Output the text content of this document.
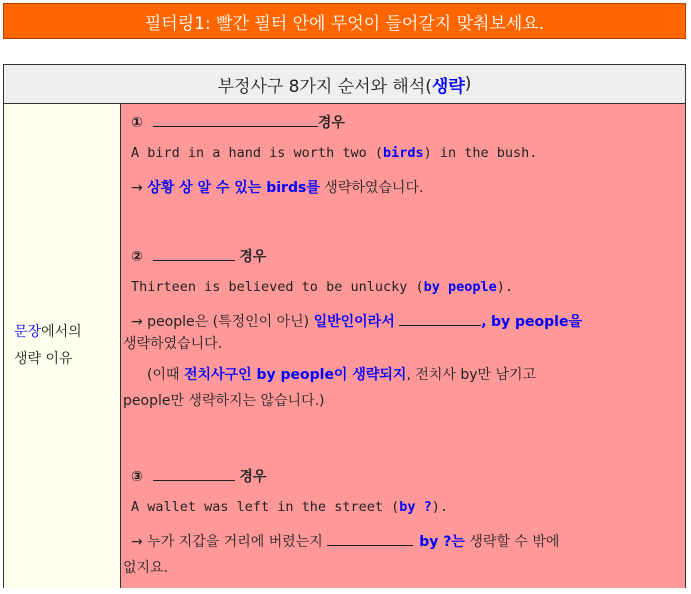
필터링1: 빨간 필터 안에 무엇이 들어갈지 맞춰보세요.
부정사구 8가지 순서와 해석( 생략 )
문장에서의
생략 이유
①	경우
A bird in a hand is worth two (birds) in the bush.
→ 상황 상 알 수 있는 birds를 생략하였습니다.
②	경우
Thirteen is believed to be unlucky (by people).
→ people은 (특정인이 아닌) 일반인이라서	, by people을
생략하였습니다.
(이때 전치사구인 by people이 생략되지, 전치사 by만 남기고
people만 생략하지는 않습니다.)
③	경우
A wallet was left in the street (by ?).
→ 누가 지갑을 거리에 버렸는지	by ?는 생략할 수 밖에
없지요.
